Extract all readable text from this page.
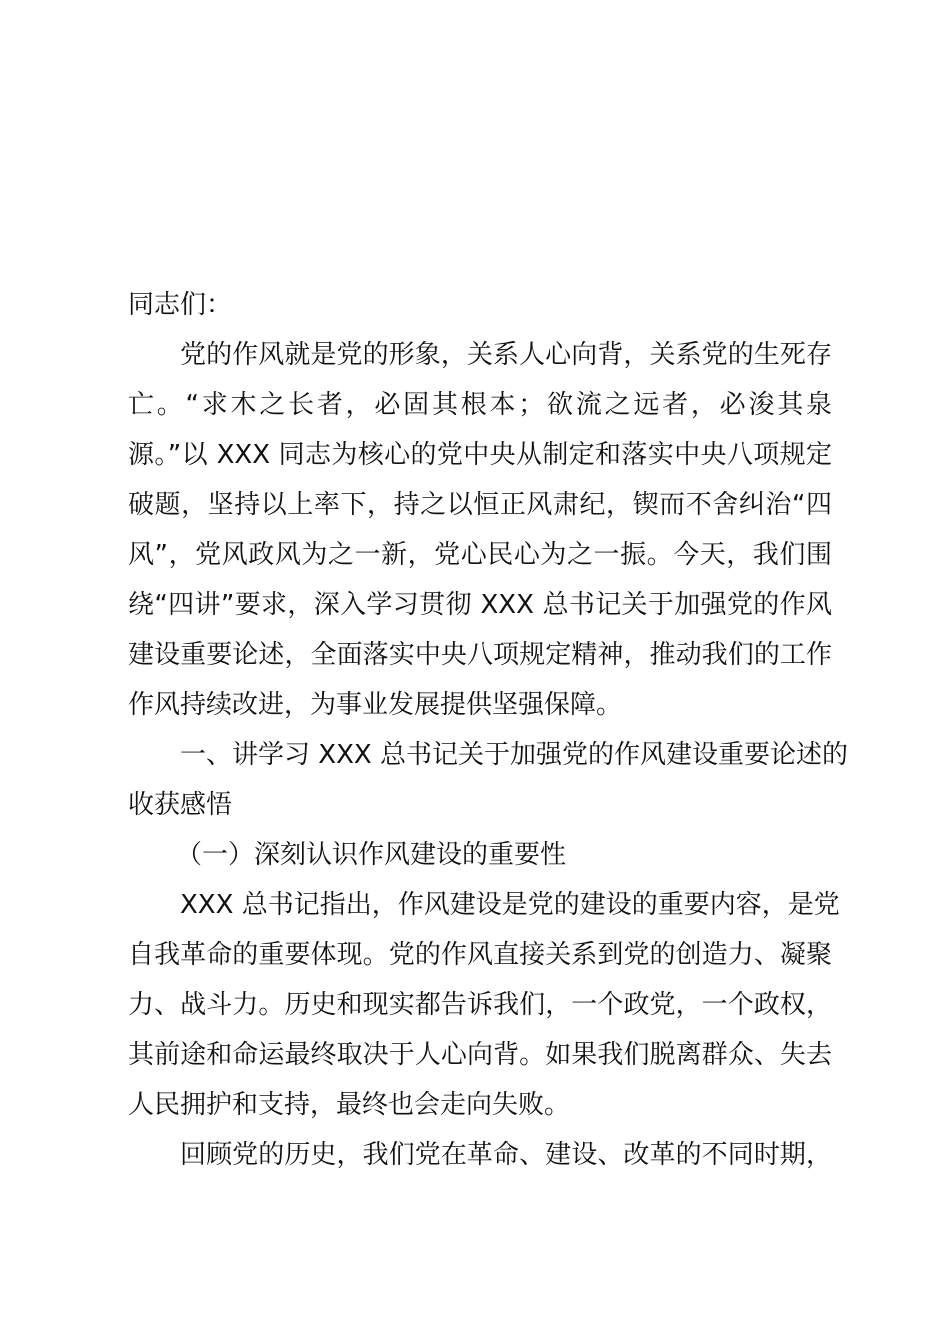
同志们：
党的作风就是党的形象，关系人心向背，关系党的生死存
亡。“求木之长者，必固其根本；欲流之远者，必浚其泉
源。”以 XXX 同志为核心的党中央从制定和落实中央八项规定
破题，坚持以上率下，持之以恒正风肃纪，锲而不舍纠治“四
风”，党风政风为之一新，党心民心为之一振。今天，我们围
绕“四讲”要求，深入学习贯彻 XXX 总书记关于加强党的作风
建设重要论述，全面落实中央八项规定精神，推动我们的工作
作风持续改进，为事业发展提供坚强保障。
一、讲学习 XXX 总书记关于加强党的作风建设重要论述的
收获感悟
（一）深刻认识作风建设的重要性
XXX 总书记指出，作风建设是党的建设的重要内容，是党
自我革命的重要体现。党的作风直接关系到党的创造力、凝聚
力、战斗力。历史和现实都告诉我们，一个政党，一个政权，
其前途和命运最终取决于人心向背。如果我们脱离群众、失去
人民拥护和支持，最终也会走向失败。
回顾党的历史，我们党在革命、建设、改革的不同时期，
